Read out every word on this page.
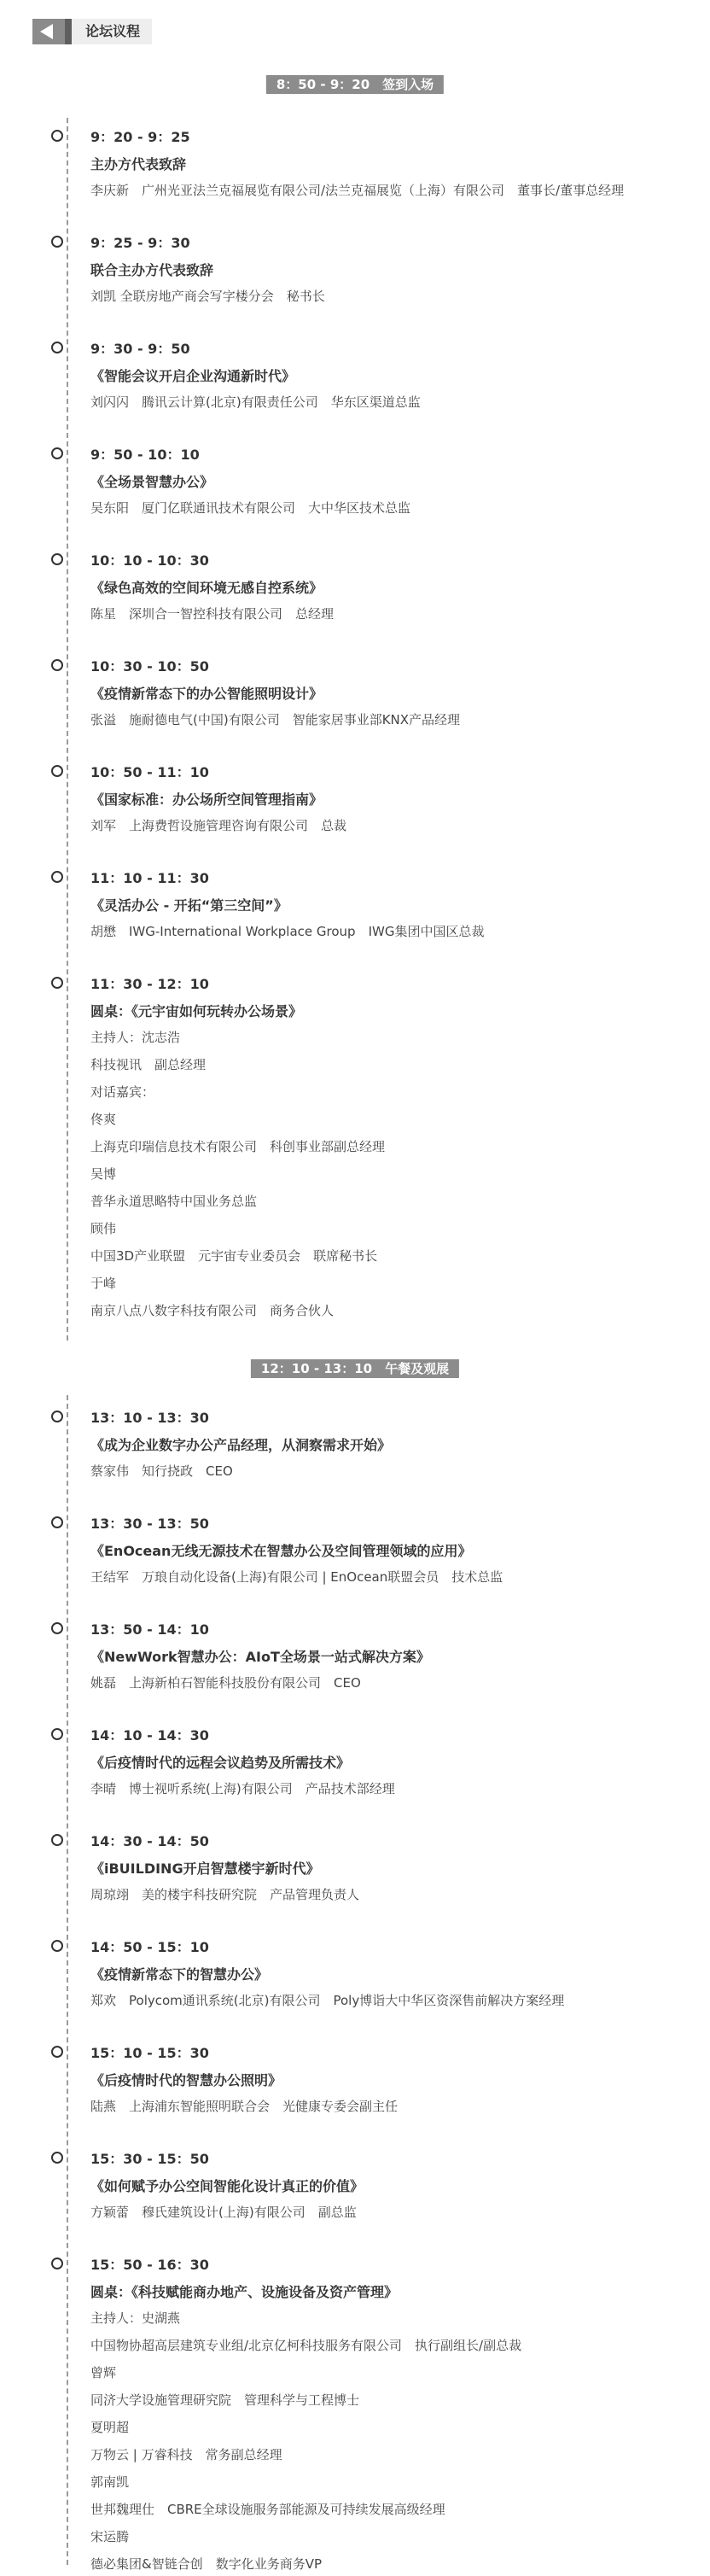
论坛议程
8：50 - 9：20　签到入场
9：20 - 9：25
主办方代表致辞
李庆新　广州光亚法兰克福展览有限公司/法兰克福展览（上海）有限公司　董事长/董事总经理
9：25 - 9：30
联合主办方代表致辞
刘凯 全联房地产商会写字楼分会　秘书长
9：30 - 9：50
《智能会议开启企业沟通新时代》
刘闪闪　腾讯云计算(北京)有限责任公司　华东区渠道总监
9：50 - 10：10
《全场景智慧办公》
吴东阳　厦门亿联通讯技术有限公司　大中华区技术总监
10：10 - 10：30
《绿色高效的空间环境无感自控系统》
陈星　深圳合一智控科技有限公司　总经理
10：30 - 10：50
《疫情新常态下的办公智能照明设计》
张溢　施耐德电气(中国)有限公司　智能家居事业部KNX产品经理
10：50 - 11：10
《国家标准：办公场所空间管理指南》
刘军　上海费哲设施管理咨询有限公司　总裁
11：10 - 11：30
《灵活办公 - 开拓“第三空间”》
胡懋　IWG-International Workplace Group　IWG集团中国区总裁
11：30 - 12：10
圆桌：《元宇宙如何玩转办公场景》
主持人：沈志浩
科技视讯　副总经理
对话嘉宾：
佟爽
上海克印瑞信息技术有限公司　科创事业部副总经理
吴博
普华永道思略特中国业务总监
顾伟
中国3D产业联盟　元宇宙专业委员会　联席秘书长
于峰
南京八点八数字科技有限公司　商务合伙人
12：10 - 13：10　午餐及观展
13：10 - 13：30
《成为企业数字办公产品经理，从洞察需求开始》
蔡家伟　知行挠政　CEO
13：30 - 13：50
《EnOcean无线无源技术在智慧办公及空间管理领域的应用》
王结军　万琅自动化设备(上海)有限公司 | EnOcean联盟会员　技术总监
13：50 - 14：10
《NewWork智慧办公：AIoT全场景一站式解决方案》
姚磊　上海新柏石智能科技股份有限公司　CEO
14：10 - 14：30
《后疫情时代的远程会议趋势及所需技术》
李晴　博士视听系统(上海)有限公司　产品技术部经理
14：30 - 14：50
《iBUILDING开启智慧楼宇新时代》
周琼翊　美的楼宇科技研究院　产品管理负责人
14：50 - 15：10
《疫情新常态下的智慧办公》
郑欢　Polycom通讯系统(北京)有限公司　Poly博诣大中华区资深售前解决方案经理
15：10 - 15：30
《后疫情时代的智慧办公照明》
陆燕　上海浦东智能照明联合会　光健康专委会副主任
15：30 - 15：50
《如何赋予办公空间智能化设计真正的价值》
方颖蕾　穆氏建筑设计(上海)有限公司　副总监
15：50 - 16：30
圆桌：《科技赋能商办地产、设施设备及资产管理》
主持人：史湖燕
中国物协超高层建筑专业组/北京亿柯科技服务有限公司　执行副组长/副总裁
曾辉
同济大学设施管理研究院　管理科学与工程博士
夏明超
万物云 | 万睿科技　常务副总经理
郭南凯
世邦魏理仕　CBRE全球设施服务部能源及可持续发展高级经理
宋运腾
德必集团&智链合创　数字化业务商务VP
